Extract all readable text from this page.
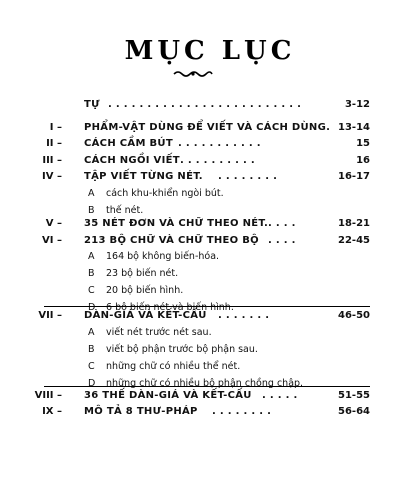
MỤC LỤC
TỰ . . . . . . . . . . . . . . . . . . . . . . . . .	3-12
I – PHẨM-VẬT DÙNG ĐỂ VIẾT VÀ CÁCH DÙNG. 13-14
II – CÁCH CẦM BÚT . . . . . . . . . . .	15
III – CÁCH NGỒI VIẾT . . . . . . . . . .	16
IV – TẬP VIẾT TỪNG NÉT. . . . . . . . .	16-17
A	cách khu-khiển ngòi bút.
B	thế nét.
V – 35 NÉT ĐƠN VÀ CHỮ THEO NÉT. . . . .	18-21
VI – 213 BỘ CHỮ VÀ CHỮ THEO BỘ . . . .	22-45
A	164 bộ không biến-hóa.
B	23 bộ biến nét.
C	20 bộ biến hình.
D	6 bộ biến nét và biến hình.
VII – DÀN-GIÁ VÀ KẾT-CẤU . . . . . . .	46-50
A	viết nét trước nét sau.
B	viết bộ phận trước bộ phận sau.
C	những chữ có nhiều thể nét.
D	những chữ có nhiều bộ phận chồng chập.
VIII – 36 THẾ DÀN-GIÁ VÀ KẾT-CẤU . . . . .	51-55
IX – MÔ TẢ 8 THƯ-PHÁP . . . . . . . .	56-64
